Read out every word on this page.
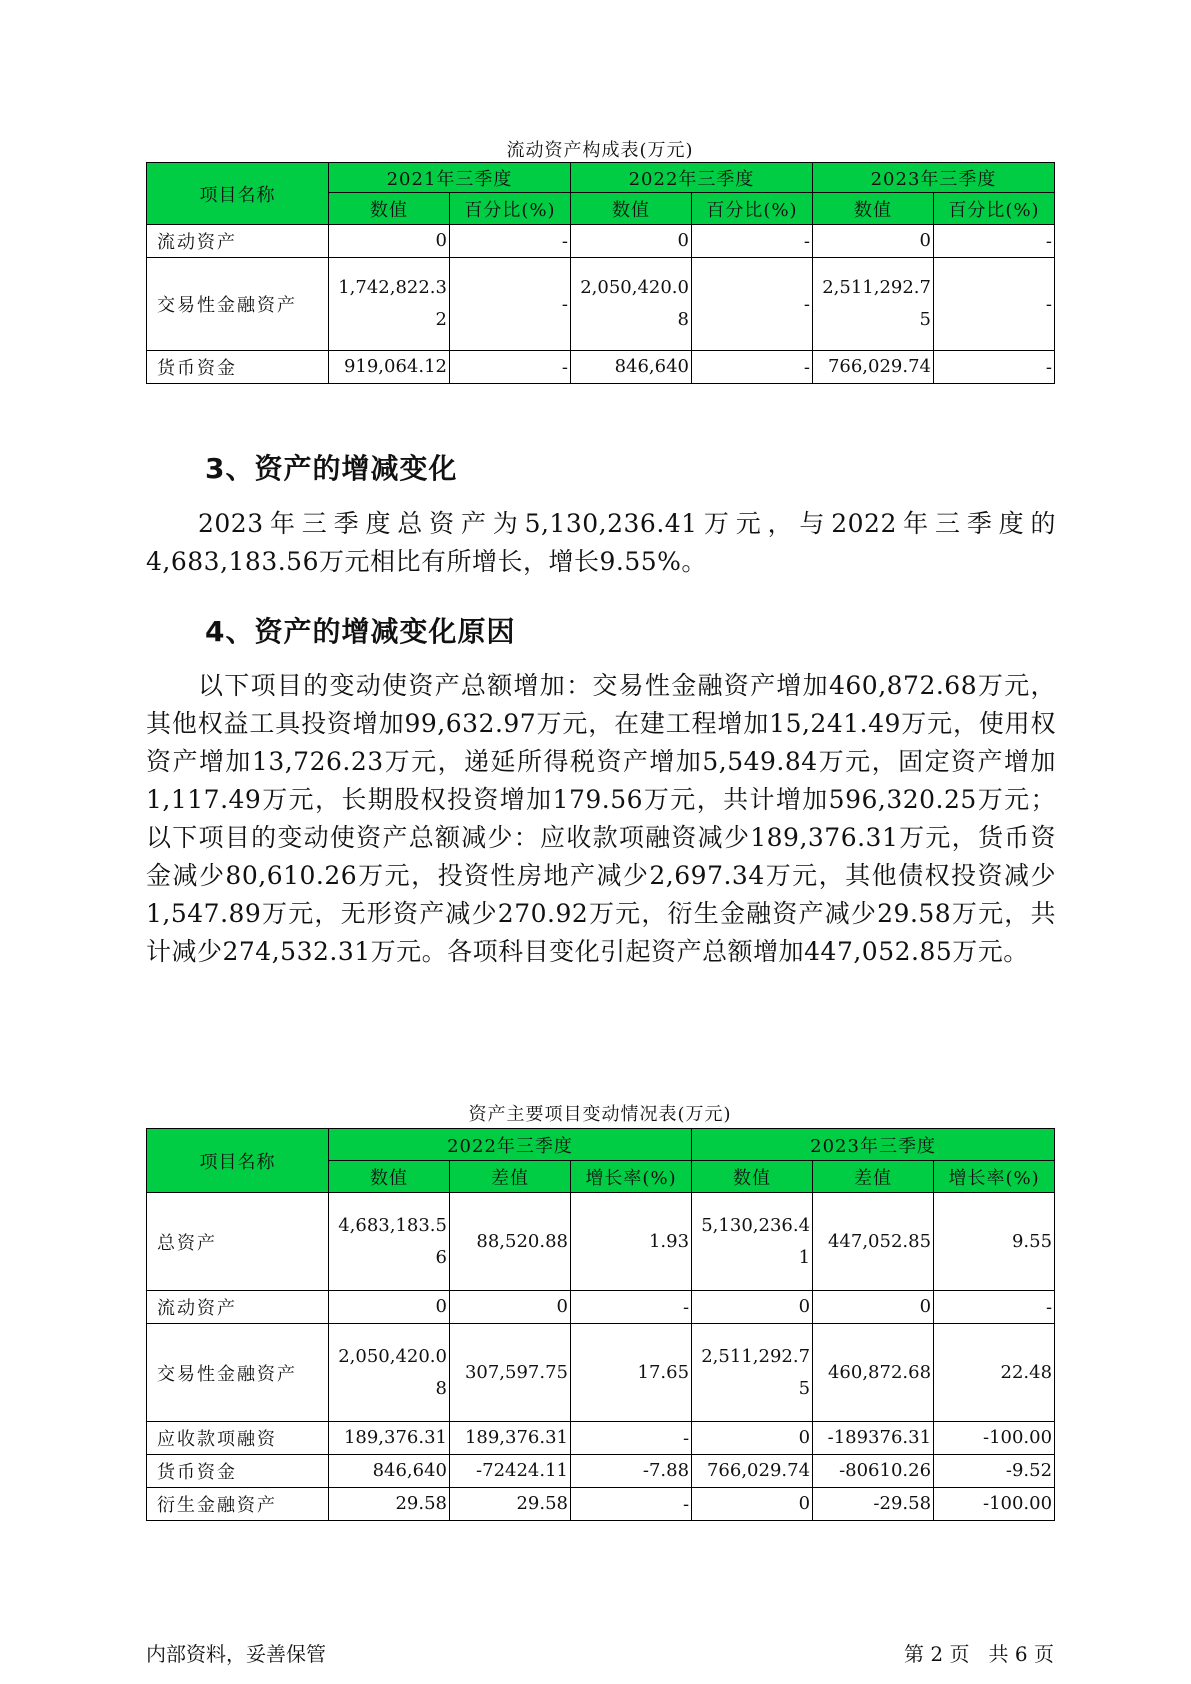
流动资产构成表(万元)
项目名称	2021年三季度		2022年三季度		2023年三季度	
	数值	百分比(%)	数值	百分比(%)	数值	百分比(%)
流动资产	0	-	0	-	0	-
交易性金融资产	1,742,822.32	-	2,050,420.08	-	2,511,292.75	-
货币资金	919,064.12	-	846,640	-	766,029.74	-
3、资产的增减变化

2023年三季度总资产为5,130,236.41万元，与2022年三季度的4,683,183.56万元相比有所增长，增长9.55%。

4、资产的增减变化原因

以下项目的变动使资产总额增加：交易性金融资产增加460,872.68万元，其他权益工具投资增加99,632.97万元，在建工程增加15,241.49万元，使用权资产增加13,726.23万元，递延所得税资产增加5,549.84万元，固定资产增加1,117.49万元，长期股权投资增加179.56万元，共计增加596,320.25万元；以下项目的变动使资产总额减少：应收款项融资减少189,376.31万元，货币资金减少80,610.26万元，投资性房地产减少2,697.34万元，其他债权投资减少1,547.89万元，无形资产减少270.92万元，衍生金融资产减少29.58万元，共计减少274,532.31万元。各项科目变化引起资产总额增加447,052.85万元。

资产主要项目变动情况表(万元)
项目名称	2022年三季度			2023年三季度		
	数值	差值	增长率(%)	数值	差值	增长率(%)
总资产	4,683,183.56	88,520.88	1.93	5,130,236.41	447,052.85	9.55
流动资产	0	0	-	0	0	-
交易性金融资产	2,050,420.08	307,597.75	17.65	2,511,292.75	460,872.68	22.48
应收款项融资	189,376.31	189,376.31	-	0	-189376.31	-100.00
货币资金	846,640	-72424.11	-7.88	766,029.74	-80610.26	-9.52
衍生金融资产	29.58	29.58	-	0	-29.58	-100.00
内部资料，妥善保管	第 2 页   共 6 页
